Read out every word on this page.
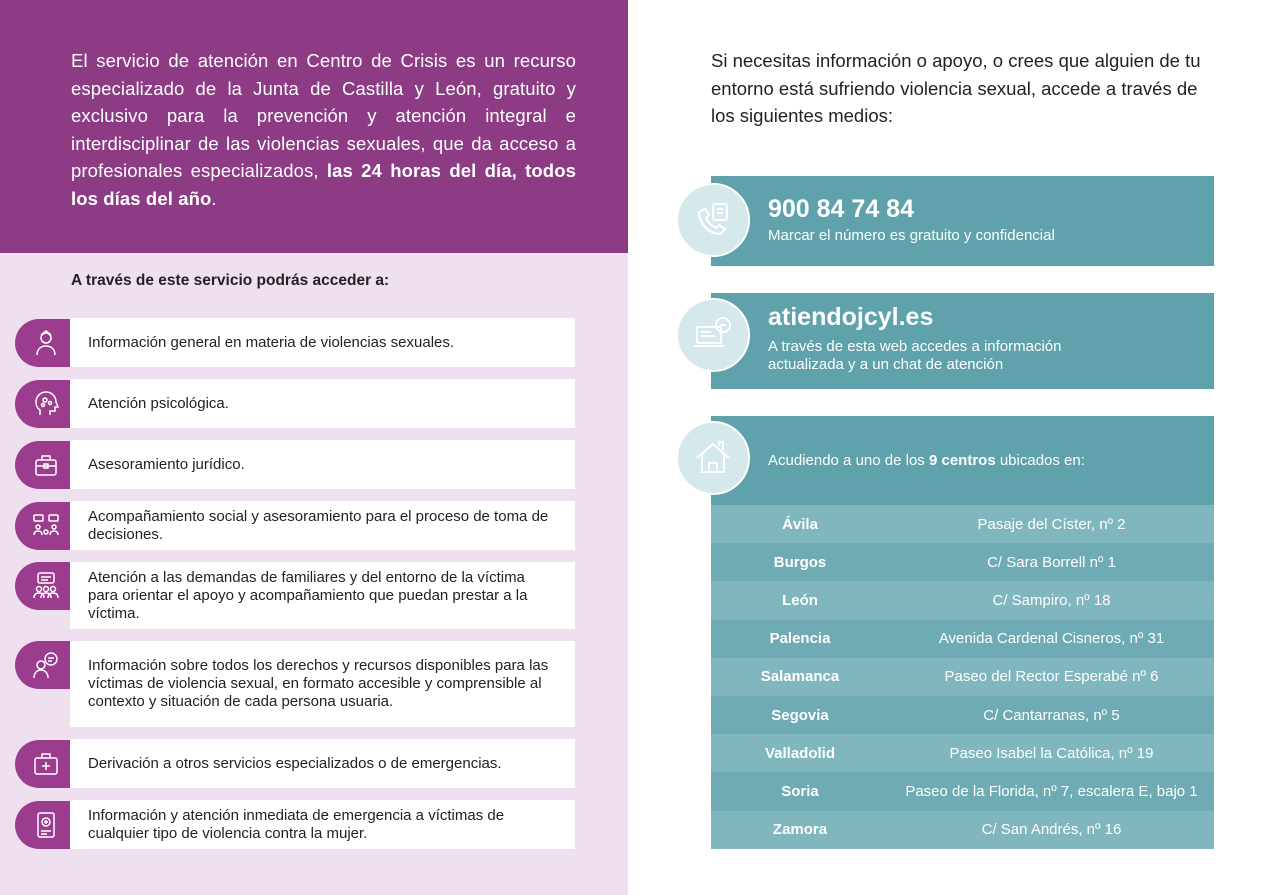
El servicio de atención en Centro de Crisis es un recurso especializado de la Junta de Castilla y León, gratuito y exclusivo para la prevención y atención integral e interdisciplinar de las violencias sexuales, que da acceso a profesionales especializados, las 24 horas del día, todos los días del año.

A través de este servicio podrás acceder a:
Información general en materia de violencias sexuales.
Atención psicológica.
Asesoramiento jurídico.
Acompañamiento social y asesoramiento para el proceso de toma de decisiones.
Atención a las demandas de familiares y del entorno de la víctima para orientar el apoyo y acompañamiento que puedan prestar a la víctima.
Información sobre todos los derechos y recursos disponibles para las víctimas de violencia sexual, en formato accesible y comprensible al contexto y situación de cada persona usuaria.
Derivación a otros servicios especializados o de emergencias.
Información y atención inmediata de emergencia a víctimas de cualquier tipo de violencia contra la mujer.

Si necesitas información o apoyo, o crees que alguien de tu entorno está sufriendo violencia sexual, accede a través de los siguientes medios:

900 84 74 84
Marcar el número es gratuito y confidencial
atiendojcyl.es
A través de esta web accedes a información actualizada y a un chat de atención
Acudiendo a uno de los 9 centros ubicados en:
Ávila	Pasaje del Císter, nº 2
Burgos	C/ Sara Borrell nº 1
León	C/ Sampiro, nº 18
Palencia	Avenida Cardenal Cisneros, nº 31
Salamanca	Paseo del Rector Esperabé nº 6
Segovia	C/ Cantarranas, nº 5
Valladolid	Paseo Isabel la Católica, nº 19
Soria	Paseo de la Florida, nº 7, escalera E, bajo 1
Zamora	C/ San Andrés, nº 16
